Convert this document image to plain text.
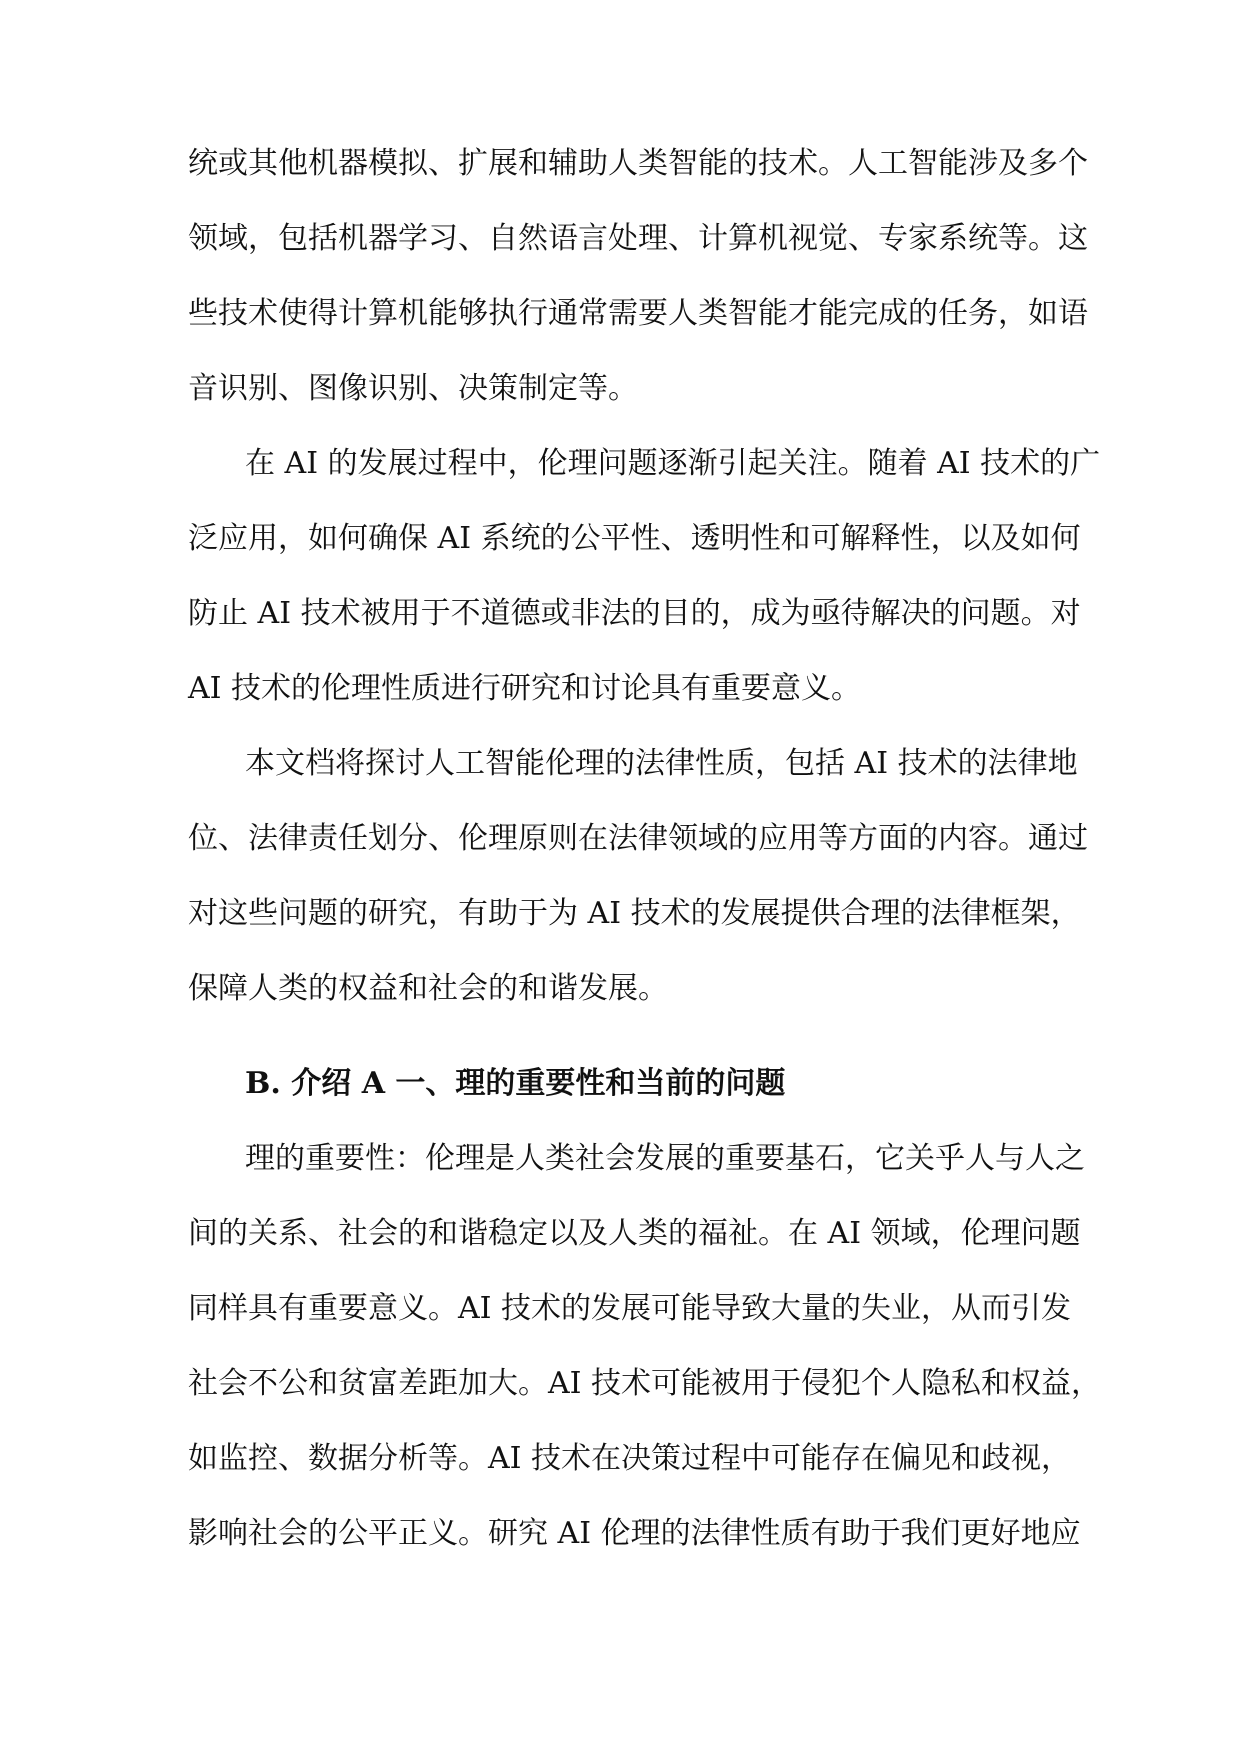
统或其他机器模拟、扩展和辅助人类智能的技术。人工智能涉及多个
领域，包括机器学习、自然语言处理、计算机视觉、专家系统等。这
些技术使得计算机能够执行通常需要人类智能才能完成的任务，如语
音识别、图像识别、决策制定等。
在 AI 的发展过程中，伦理问题逐渐引起关注。随着 AI 技术的广
泛应用，如何确保 AI 系统的公平性、透明性和可解释性，以及如何
防止 AI 技术被用于不道德或非法的目的，成为亟待解决的问题。对
AI 技术的伦理性质进行研究和讨论具有重要意义。
本文档将探讨人工智能伦理的法律性质，包括 AI 技术的法律地
位、法律责任划分、伦理原则在法律领域的应用等方面的内容。通过
对这些问题的研究，有助于为 AI 技术的发展提供合理的法律框架，
保障人类的权益和社会的和谐发展。
B. 介绍 A 一、理的重要性和当前的问题
理的重要性：伦理是人类社会发展的重要基石，它关乎人与人之
间的关系、社会的和谐稳定以及人类的福祉。在 AI 领域，伦理问题
同样具有重要意义。AI 技术的发展可能导致大量的失业，从而引发
社会不公和贫富差距加大。AI 技术可能被用于侵犯个人隐私和权益，
如监控、数据分析等。AI 技术在决策过程中可能存在偏见和歧视，
影响社会的公平正义。研究 AI 伦理的法律性质有助于我们更好地应
